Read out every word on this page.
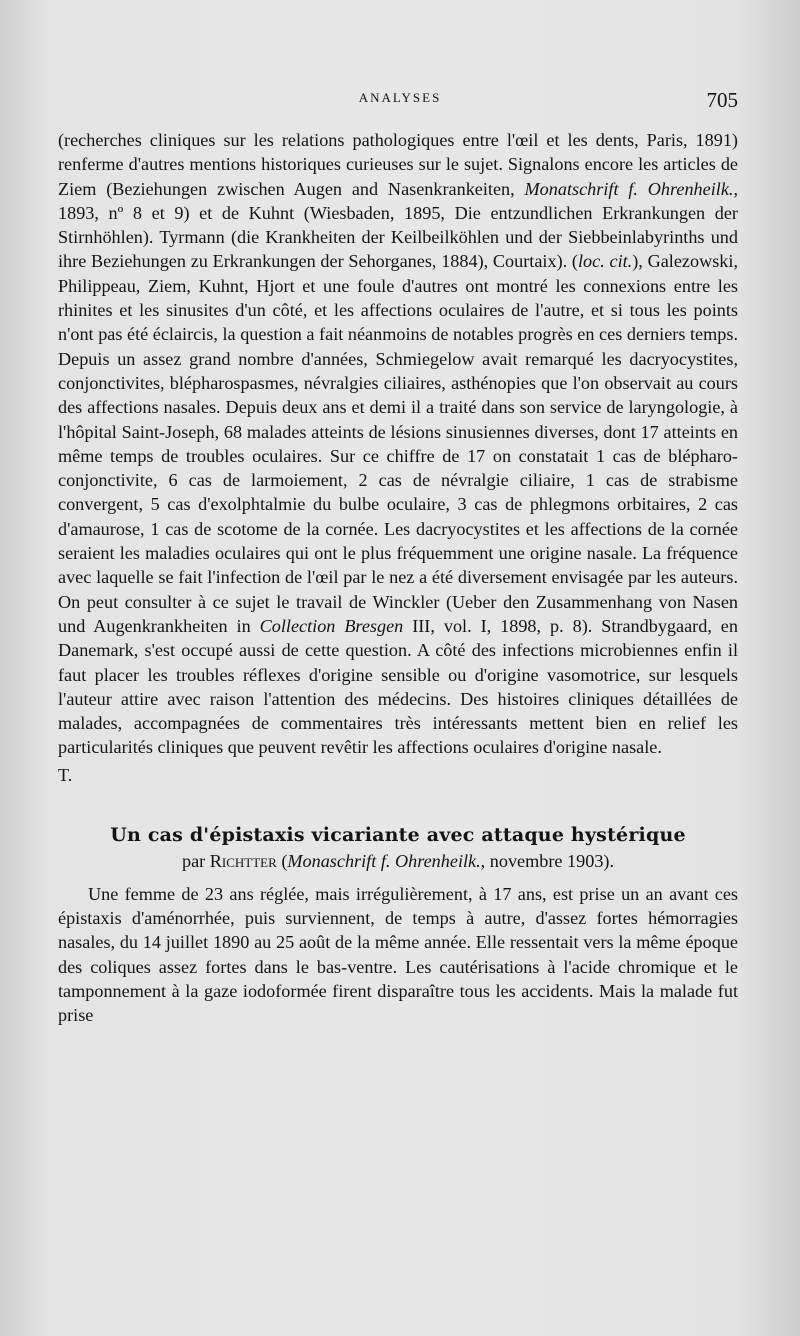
ANALYSES	705

(recherches cliniques sur les relations pathologiques entre l'œil et les dents, Paris, 1891) renferme d'autres mentions historiques curieuses sur le sujet. Signalons encore les articles de Ziem (Beziehungen zwischen Augen and Nasenkrankeiten, Monatschrift f. Ohrenheilk., 1893, nº 8 et 9) et de Kuhnt (Wiesbaden, 1895, Die entzundlichen Erkrankungen der Stirnhöhlen). Tyrmann (die Krankheiten der Keilbeilköhlen und der Siebbeinlabyrinths und ihre Beziehungen zu Erkrankungen der Sehorganes, 1884), Courtaix). (loc. cit.), Galezowski, Philippeau, Ziem, Kuhnt, Hjort et une foule d'autres ont montré les connexions entre les rhinites et les sinusites d'un côté, et les affections oculaires de l'autre, et si tous les points n'ont pas été éclaircis, la question a fait néanmoins de notables progrès en ces derniers temps. Depuis un assez grand nombre d'années, Schmiegelow avait remarqué les dacryocystites, conjonctivites, blépharospasmes, névralgies ciliaires, asthénopies que l'on observait au cours des affections nasales. Depuis deux ans et demi il a traité dans son service de laryngologie, à l'hôpital Saint-Joseph, 68 malades atteints de lésions sinusiennes diverses, dont 17 atteints en même temps de troubles oculaires. Sur ce chiffre de 17 on constatait 1 cas de blépharo-conjonctivite, 6 cas de larmoiement, 2 cas de névralgie ciliaire, 1 cas de strabisme convergent, 5 cas d'exolphtalmie du bulbe oculaire, 3 cas de phlegmons orbitaires, 2 cas d'amaurose, 1 cas de scotome de la cornée. Les dacryocystites et les affections de la cornée seraient les maladies oculaires qui ont le plus fréquemment une origine nasale. La fréquence avec laquelle se fait l'infection de l'œil par le nez a été diversement envisagée par les auteurs. On peut consulter à ce sujet le travail de Winckler (Ueber den Zusammenhang von Nasen und Augenkrankheiten in Collection Bresgen III, vol. I, 1898, p. 8). Strandbygaard, en Danemark, s'est occupé aussi de cette question. A côté des infections microbiennes enfin il faut placer les troubles réflexes d'origine sensible ou d'origine vasomotrice, sur lesquels l'auteur attire avec raison l'attention des médecins. Des histoires cliniques détaillées de malades, accompagnées de commentaires très intéressants mettent bien en relief les particularités cliniques que peuvent revêtir les affections oculaires d'origine nasale.

T.

Un cas d'épistaxis vicariante avec attaque hystérique
par Richtter (Monaschrift f. Ohrenheilk., novembre 1903).

Une femme de 23 ans réglée, mais irrégulièrement, à 17 ans, est prise un an avant ces épistaxis d'aménorrhée, puis surviennent, de temps à autre, d'assez fortes hémorragies nasales, du 14 juillet 1890 au 25 août de la même année. Elle ressentait vers la même époque des coliques assez fortes dans le bas-ventre. Les cautérisations à l'acide chromique et le tamponnement à la gaze iodoformée firent disparaître tous les accidents. Mais la malade fut prise
